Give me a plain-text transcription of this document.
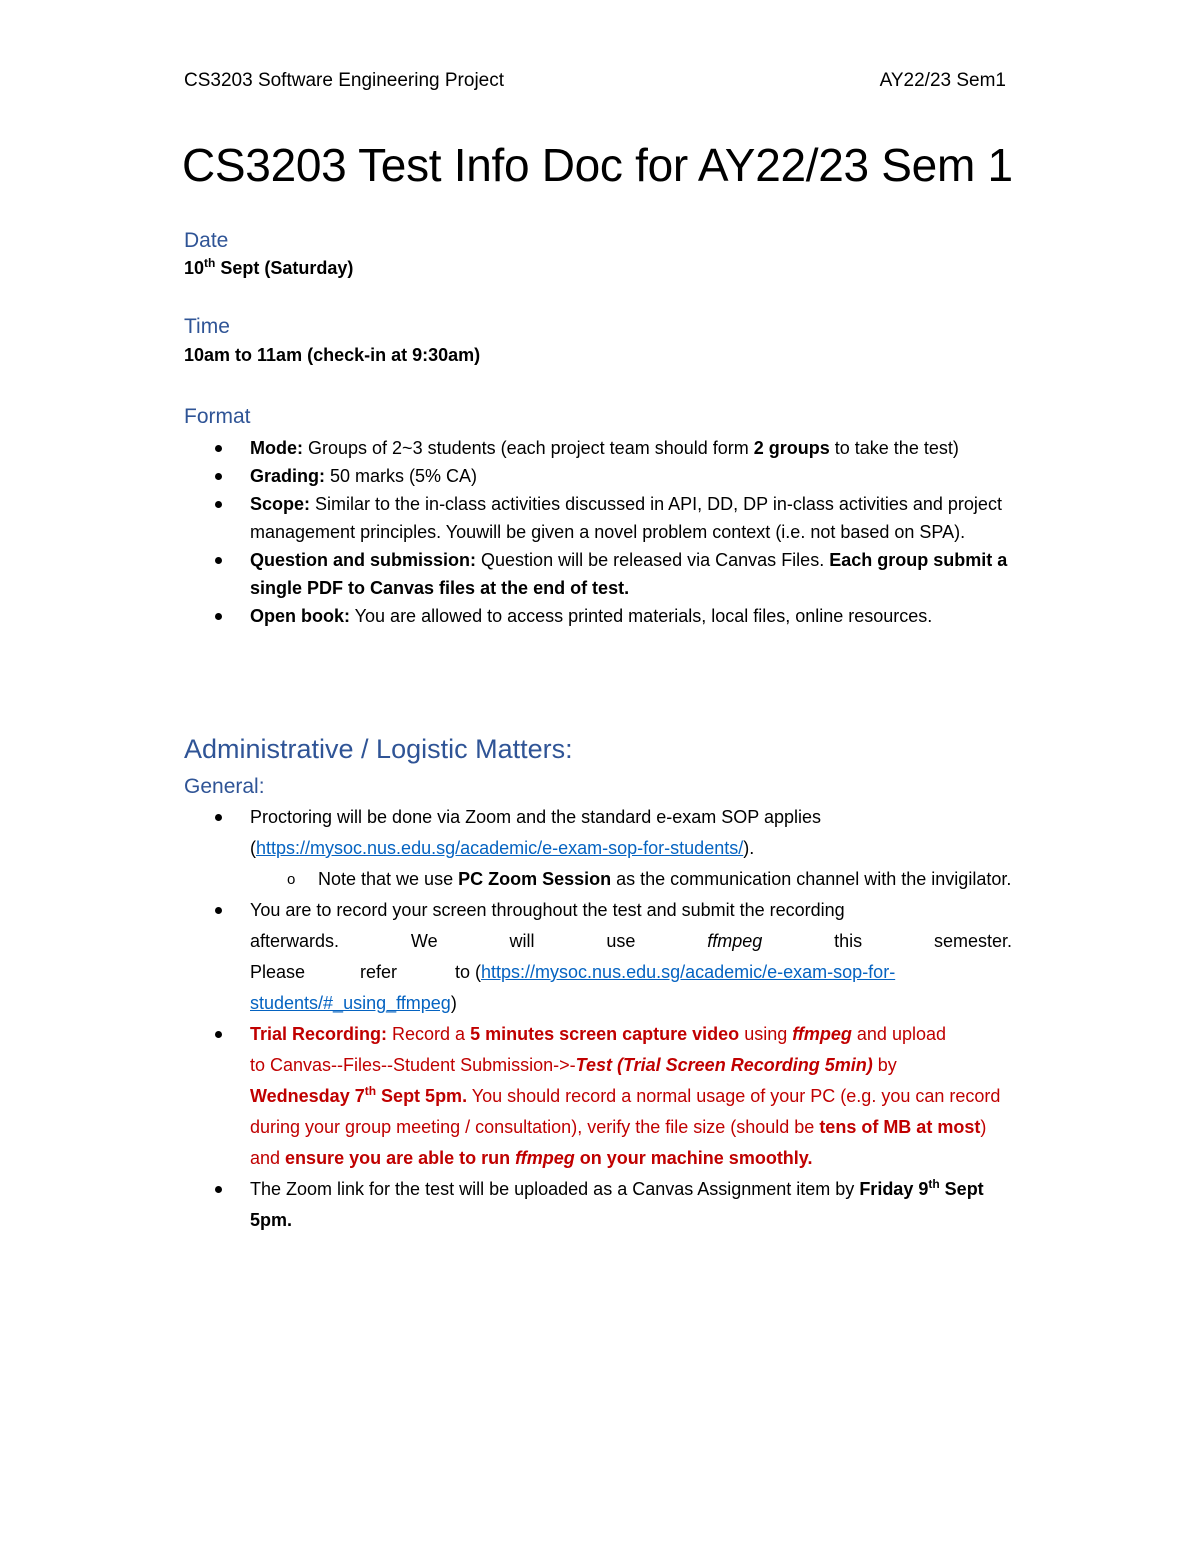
CS3203 Software Engineering Project	AY22/23 Sem1
CS3203 Test Info Doc for AY22/23 Sem 1
Date

10th Sept (Saturday)

Time

10am to 11am (check-in at 9:30am)

Format
Mode: Groups of 2~3 students (each project team should form 2 groups to take the test)
Grading: 50 marks (5% CA)
Scope: Similar to the in-class activities discussed in API, DD, DP in-class activities and project management principles. Youwill be given a novel problem context (i.e. not based on SPA).
Question and submission: Question will be released via Canvas Files. Each group submit a single PDF to Canvas files at the end of test.
Open book: You are allowed to access printed materials, local files, online resources.
Administrative / Logistic Matters:
General:
Proctoring will be done via Zoom and the standard e-exam SOP applies
(https://mysoc.nus.edu.sg/academic/e-exam-sop-for-students/).
o Note that we use PC Zoom Session as the communication channel with the invigilator.
You are to record your screen throughout the test and submit the recording
afterwards.	We	will	use	ffmpeg	this	semester.
Please	refer	to ( https://mysoc.nus.edu.sg/academic/e-exam-sop-for-
students/#_using_ffmpeg)
Trial Recording: Record a 5 minutes screen capture video using ffmpeg and upload
to Canvas--Files--Student Submission->-Test (Trial Screen Recording 5min) by
Wednesday 7th Sept 5pm. You should record a normal usage of your PC (e.g. you can record during your group meeting / consultation), verify the file size (should be tens of MB at most) and ensure you are able to run ffmpeg on your machine smoothly.
The Zoom link for the test will be uploaded as a Canvas Assignment item by Friday 9th Sept 5pm.
